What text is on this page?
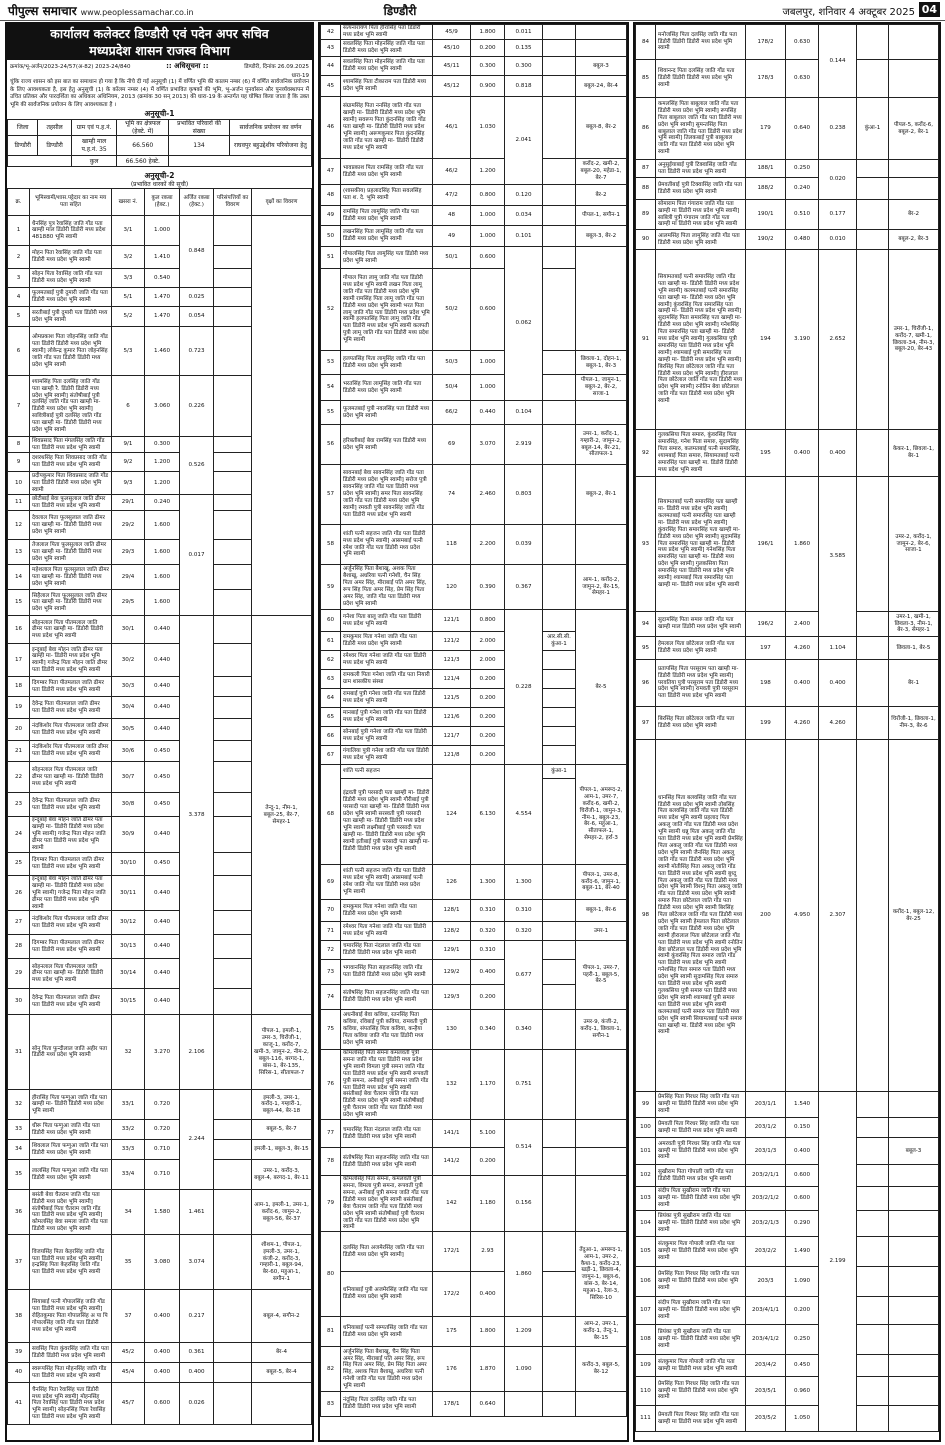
पीपुल्स समाचार www.peoplessamachar.co.in	डिण्डौरी	जबलपुर, शनिवार 4 अक्टूबर 2025 04
कार्यालय कलेक्टर डिण्डौरी एवं पदेन अपर सचिव
मध्यप्रदेश शासन राजस्व विभाग
क्रमांक/भू-अर्जन/2023-24/57(अ-82) 2023-24/840	:: अधिसूचना ::	डिण्डौरी, दिनांक 26.09.2025
धारा-19
चूंकि राज्य शासन को इस बात का समाधान हो गया है कि नीचे दी गई अनुसूची (1) में वर्णित भूमि की कालम नम्बर (6) में वर्णित सार्वजनिक प्रयोजन के लिए आवश्यकता है, इस हेतु अनुसूची (1) के कॉलम नम्बर (4) में वर्णित प्रभावित कृषकों की भूमि, भू-अर्जन पुनर्वासन और पुनर्व्यवस्थापन में उचित प्रतिकर और पारदर्शिता का अधिकार अधिनियम, 2013 (क्रमांक 30 सन् 2013) की धारा-19 के अन्तर्गत यह घोषित किया जाता है कि उक्त भूमि की सार्वजनिक प्रयोजन के लिए आवश्यकता है ।
अनुसूची-1
जिला	तहसील	ग्राम एवं प.ह.नं.	भूमि का क्षेत्रफल (हेक्टे. में)	प्रभावित परिवारों की संख्या	सार्वजनिक प्रयोजन का वर्णन
डिण्डौरी	डिण्डौरी	खाम्ही माल प.ह.नं. 35	66.560	134	राघवपुर बहुउद्देशीय परियोजना हेतु
		कुल	66.560 हेक्टे.		
अनुसूची-2
(प्रभावित धारकों की सूची)
क्र.	भूमिस्वामी/शास.पट्टेदार का नाम मय पता सहित	खसरा नं.	कुल रकबा (हेक्ट.)	अर्जित रकबा (हेक्ट.)	परिसंपत्तियों का विवरण	वृक्षों का विवरण
1	धैनसिंह पुत्र रेवासिंह जाति गोंड पता खाम्ही माल डिंडोरी डिंडोरी मध्य प्रदेश 481880 भूमि स्वामी	3/1	1.000	0.848		
2	मोहन पिता रेवासिंह जाति गोंड पता डिंडोरी मध्य प्रदेश भूमि स्वामी	3/2	1.410			
3	सोहन पिता रेवासिंह जाति गोंड पता डिंडोरी मध्य प्रदेश भूमि स्वामी	3/3	0.540			
4	फूलमतबाई पुत्री दुमारी जाति गोंड पता डिंडोरी मध्य प्रदेश भूमि स्वामी	5/1	1.470	0.025		
5	सरतीबाई पुत्री दुमारी पता डिंडोरी मध्य प्रदेश भूमि स्वामी	5/2	1.470	0.054		
6	ओमप्रकाश पिता जोहनसिंह जाति गोंड पता डिंडोरी डिंडोरी मध्य प्रदेश भूमि स्वामी] लोकेन्द्र कुमार पिता जोहनसिंह जाति गोंड पता डिंडोरी डिंडोरी मध्य प्रदेश भूमि स्वामी	5/3	1.460	0.723		
7	श्यामसिंह पिता दलसिंह जाति गोंड पता खाम्ही रै. डिंडोरी डिंडोरी मध्य प्रदेश भूमि स्वामी] संतोषीबाई पुत्री दलसिंह जाति गोंड पता खाम्ही मा- डिंडोरी मध्य प्रदेश भूमि स्वामी] सावित्रीबाई पुत्री दलसिंह जाति गोंड पता खाम्ही मा- डिंडोरी डिंडोरी मध्य प्रदेश भूमि स्वामी	6	3.060	0.226		
8	शिवप्रसाद पिता मंगलसिंह जाति गोंड पता डिंडोरी मध्य प्रदेश भूमि स्वामी	9/1	0.300	0.526		
9	दशरथसिंह पिता शिवप्रसाद जाति गोंड पता डिंडोरी मध्य प्रदेश भूमि स्वामी	9/2	1.200			
10	प्रदीपकुमार पिता शिवप्रसाद जाति गोंड पता डिंडोरी डिंडोरी मध्य प्रदेश भूमि स्वामी	9/3	1.200			
11	छोटीबाई बेवा फूलसुलाल जाति ढीमर पता डिंडोरी मध्य प्रदेश भूमि स्वामी	29/1	0.240	0.017		
12	देवलाल पिता फूलसुलाल जाति ढीमर पता खाम्ही मा- डिंडोरी डिंडोरी मध्य प्रदेश भूमि स्वामी	29/2	1.600			
13	तेजलाल पिता फूलसुलाल जाति ढीमर पता खाम्ही मा- डिंडोरी डिंडोरी मध्य प्रदेश भूमि स्वामी	29/3	1.600			
14	महेशलाल पिता फूलसुलाल जाति ढीमर पता खाम्ही मा- डिंडोरी डिंडोरी मध्य प्रदेश भूमि स्वामी	29/4	1.600			
15	सिहैलाल पिता फूलसुलाल जाति ढीमर पता खाम्ही मा- डिंडोरी डिंडोरी मध्य प्रदेश भूमि स्वामी	29/5	1.600			
16	सोहनलाल पिता पीतमलाल जाति ढीमर पता खाम्ही मा- डिंडोरी डिंडोरी मध्य प्रदेश भूमि स्वामी	30/1	0.440	3.378		तेन्दू-1, नीम-1, बबूल-25, बेर-7, सेमहर-1
17	इन्दूबाई बेवा मोहन जाति ढीमर पता खाम्ही मा- डिंडोरी मध्य प्रदेश भूमि स्वामी] गजेन्द्र पिता मोहन जाति ढीमर पता डिंडोरी मध्य प्रदेश भूमि स्वामी	30/2	0.440			
18	दिगम्बर पिता पीतमलाल जाति ढीमर पता डिंडोरी मध्य प्रदेश भूमि स्वामी	30/3	0.440			
19	देवेन्द्र पिता पीतमलाल जाति ढीमर पता डिंडोरी मध्य प्रदेश भूमि स्वामी	30/4	0.440			
20	नंदकिशोर पिता पीतमलाल जाति ढीमर पता डिंडोरी मध्य प्रदेश भूमि स्वामी	30/5	0.440			
21	नंदकिशोर पिता पीतमलाल जाति ढीमर पता डिंडोरी मध्य प्रदेश भूमि स्वामी	30/6	0.450			
22	सोहनलाल पिता पीतमलाल जाति ढीमर पता खाम्ही मा- डिंडोरी डिंडोरी मध्य प्रदेश भूमि स्वामी	30/7	0.450			
23	देवेन्द्र पिता पीतमलाल जाति ढीमर पता डिंडोरी मध्य प्रदेश भूमि स्वामी	30/8	0.450			
24	इन्दूबाई बेवा मोहन जाति ढीमर पता खाम्ही मा- डिंडोरी डिंडोरी मध्य प्रदेश भूमि स्वामी] गजेन्द्र पिता मोहन जाति ढीमर पता डिंडोरी मध्य प्रदेश भूमि स्वामी	30/9	0.440			
25	दिगम्बर पिता पीतमलाल जाति ढीमर पता डिंडोरी मध्य प्रदेश भूमि स्वामी	30/10	0.450			
26	इन्दूबाई बेवा मोहन जाति ढीमर पता खाम्ही मा- डिंडोरी डिंडोरी मध्य प्रदेश भूमि स्वामी] गजेन्द्र पिता मोहन जाति ढीमर पता डिंडोरी मध्य प्रदेश भूमि स्वामी	30/11	0.440			
27	नंदकिशोर पिता पीतमलाल जाति ढीमर पता डिंडोरी मध्य प्रदेश भूमि स्वामी	30/12	0.440			
28	दिगम्बर पिता पीतमलाल जाति ढीमर पता डिंडोरी मध्य प्रदेश भूमि स्वामी	30/13	0.440			
29	सोहनलाल पिता पीतमलाल जाति ढीमर पता खाम्ही मा- डिंडोरी डिंडोरी मध्य प्रदेश भूमि स्वामी	30/14	0.440			
30	देवेन्द्र पिता पीतमलाल जाति ढीमर पता डिंडोरी मध्य प्रदेश भूमि स्वामी	30/15	0.440			
31	सोनू पिता फुन्दीलाल जाति अहीर पता डिंडोरी मध्य प्रदेश भूमि स्वामी	32	3.270	2.106		पीपल-1, इमली-1, उमर-3, चिरोंजी-1, काजू-1, करोंद-7, खमी-3, जामुन-2, नीम-2, बबूल-116, बरगद-1, बांस-1, बेर-135, सिरिस-1, सीताफल-7
32	हीरासिंह पिता फग्गुआ जाति गोंड पता खाम्ही मा- डिंडोरी डिंडोरी मध्य प्रदेश भूमि स्वामी	33/1	0.720	2.244		इमली-3, उमर-1, करोंद-1, गम्हारी-1, बबूल-44, बेर-18
33	धीरू पिता फग्गुआ जाति गोंड पता डिंडोरी मध्य प्रदेश भूमि स्वामी	33/2	0.720			बबूल-5, बेर-7
34	शिवलाल पिता फग्गुआ जाति गोंड पता डिंडोरी मध्य प्रदेश भूमि स्वामी	33/3	0.710			इमली-1, बबूल-3, बेर-15
35	लालसिंह पिता फग्गुआ जाति गोंड पता डिंडोरी मध्य प्रदेश भूमि स्वामी	33/4	0.710			उमर-1, करोंद-3, बबूल-4, बरगद-1, बेर-11
36	बसंती बेवा चैतराम जाति गोंड पता डिंडोरी मध्य प्रदेश भूमि स्वामी] संतोषीबाई पिता चैतराम जाति गोंड पता डिंडोरी मध्य प्रदेश भूमि स्वामी] कोमलसिंह बेवा समला जाति गोंड पता डिंडोरी मध्य प्रदेश भूमि स्वामी	34	1.580	1.461		आम-1, इमली-1, उमर-1, करोंद-6, जामुन-2, बबूल-56, बेर-37
37	विजयसिंह पिता केहरसिंह जाति गोंड पता डिंडोरी मध्य प्रदेश भूमि स्वामी] इन्द्रसिंह पिता केहरसिंह जाति गोंड पता डिंडोरी मध्य प्रदेश भूमि स्वामी	35	3.080	3.074		शीशम-1, पीपल-1, इमली-3, उमर-1, कंजी-2, करोंद-3, गम्हारी-1, बबूल-94, बेर-60, महुआ-1, सगौन-1
38	सियाबाई पत्नी गोपालसिंह जाति गोंड पता डिंडोरी मध्य प्रदेश भूमि स्वामी] रोहितकुमार पिता गोपालसिंह अ पा पि गोपालसिंह जाति गोंड पता डिंडोरी मध्य प्रदेश भूमि स्वामी	37	0.400	0.217		बबूल-4, सगौन-2
39	सवसिंह पिता कुंवरसिंह जाति गोंड पता डिंडोरी डिंडोरी मध्य प्रदेश भूमि स्वामी	45/2	0.400	0.361		बेर-4
40	स्वरूपसिंह पिता मोहनसिंह जाति गोंड पता डिंडोरी मध्य प्रदेश भूमि स्वामी	45/4	0.400	0.400		बबूल-5, बेर-4
41	चैनसिंह पिता रेवासिंह पता डिंडोरी मध्य प्रदेश भूमि स्वामी] मोहनसिंह पिता रेवासिंह पता डिंडोरी मध्य प्रदेश भूमि स्वामी] सोहनसिंह पिता रेवासिंह पता डिंडोरी मध्य प्रदेश भूमि स्वामी	45/7	0.600	0.026		
42	सत्यनारायण पिता हीरासिंह पता डिंडोरी मध्य प्रदेश भूमि स्वामी	45/9	1.800	0.011		
43	सवलसिंह पिता मोहनसिंह जाति गोंड पता डिंडोरी मध्य प्रदेश भूमि स्वामी	45/10	0.200	0.135		
44	सवलसिंह पिता मोहनसिंह जाति गोंड पता डिंडोरी मध्य प्रदेश भूमि स्वामी	45/11	0.300	0.300		बबूल-3
45	श्यामसिंह पिता टीकाराम पता डिंडोरी मध्य प्रदेश भूमि स्वामी	45/12	0.900	0.818		बबूल-24, बेर-4
46	संग्रामसिंह पिता ननसिंह जाति गोंड पता खाम्ही मा- डिंडोरी डिंडोरी मध्य प्रदेश भूमि स्वामी] सवरूप पिता कुंदनसिंह जाति गोंड पता खाम्ही मा- डिंडोरी डिंडोरी मध्य प्रदेश भूमि स्वामी] अरूणकुमार पिता कुंदनसिंह जाति गोंड पता खाम्ही मा- डिंडोरी डिंडोरी मध्य प्रदेश भूमि स्वामी	46/1	1.030	2.041		बबूल-8, बेर-2
47	भावप्रकाश पिता रामसिंह जाति गोंड पता डिंडोरी मध्य प्रदेश भूमि स्वामी	46/2	1.200			करोंद-2, खमी-2, बबूल-20, महेडा-1, बेर-7
48	(शासकीय) प्रहलादसिंह पिता सवलसिंह पता श. दे. भूमि स्वामी	47/2	0.800	0.120		बेर-2
49	रामसिंह पिता लामूसिंह जाति गोंड पता डिंडोरी मध्य प्रदेश भूमि स्वामी	48	1.000	0.034		पीपल-1, सगौन-1
50	लखनसिंह पिता लामूसिंह जाति गोंड पता डिंडोरी मध्य प्रदेश भूमि स्वामी	49	1.000	0.101		बबूल-3, बेर-2
51	गोपालसिंह पिता लामूसिंह पता डिंडोरी मध्य प्रदेश भूमि स्वामी	50/1	0.600	0.062		
52	गोपाल पिता लामू जाति गोंड पता डिंडोरी मध्य प्रदेश भूमि स्वामी लखन पिता लामू जाति गोंड पता डिंडोरी मध्य प्रदेश भूमि स्वामी रामसिंह पिता लामू जाति गोंड पता डिंडोरी मध्य प्रदेश भूमि स्वामी भरत पिता लामू जाति गोंड पता डिंडोरी मध्य प्रदेश भूमि स्वामी हलपतसिंह पिता लामू जाति गोंड पता डिंडोरी मध्य प्रदेश भूमि स्वामी कलपती पुत्री लामू जाति गोंड पता डिंडोरी मध्य प्रदेश भूमि स्वामी	50/2	0.600			
53	हलपतसिंह पिता लामूसिंह जाति गोंड पता डिंडोरी मध्य प्रदेश भूमि स्वामी	50/3	1.000			छिवला-1, दोहन-1, बबूल-1, बेर-3
54	भरतसिंह पिता लामूसिंह जाति गोंड पता डिंडोरी मध्य प्रदेश भूमि स्वामी	50/4	1.000			पीपल-1, जामुन-1, बबूल-2, बेर-2, साजा-1
55	फूलमतबाई पुत्री नवलसिंह पता डिंडोरी मध्य प्रदेश भूमि स्वामी	66/2	0.440	0.104		
56	हरिबतीबाई बेवा रामसिंह पता डिंडोरी मध्य प्रदेश भूमि स्वामी	69	3.070	2.919		उमर-1, करोंद-1, गम्हारी-2, जामुन-2, बबूल-14, बेर-21, सीताफल-1
57	सावनबाई बेवा सावनसिंह जाति गोंड पता डिंडोरी मध्य प्रदेश भूमि स्वामी] सरोज पुत्री सावनसिंह जाति गोंड पता डिंडोरी मध्य प्रदेश भूमि स्वामी] समर पिता सावनसिंह जाति गोंड पता डिंडोरी मध्य प्रदेश भूमि स्वामी] रमवती पुत्री सावनसिंह जाति गोंड पता डिंडोरी मध्य प्रदेश भूमि स्वामी	74	2.460	0.803		बबूल-2, बेर-1
58	शांती पत्नी सहजन जाति गोंड पता डिंडोरी मध्य प्रदेश भूमि स्वामी] आसमबाई पत्नी रमेश जाति गोंड पता डिंडोरी मध्य प्रदेश भूमि स्वामी	118	2.200	0.039		
59	अर्जुनसिंह पिता बैशाखू, अशक पिता बैशाखू, अधरिया पत्नी गनेशी, चैन सिंह पिता अमर सिंह, मीराबाई पति अमर सिंह, रूप सिंह पिता अमर सिंह, प्रेम सिंह पिता अमर सिंह, जाति गोंड पता डिंडोरी मध्य प्रदेश भूमि स्वामी	120	0.390	0.367		आम-1, करोंद-2, जामुन-2, बेर-15, सेमहर-1
60	गनेशा पिता बालू जाति गोंड पता डिंडोरी मध्य प्रदेश भूमि स्वामी	121/1	0.800	0.228		बेर-5
61	रामकुमार पिता गनेशा जाति गोंड पता डिंडोरी मध्य प्रदेश भूमि स्वामी	121/2	2.000		आर.सी.सी. कुंआ-1	
62	रमेश्वर पिता गनेशा जाति गोंड पता डिंडोरी मध्य प्रदेश भूमि स्वामी	121/3	2.000			
63	रामकली पिता गनेशा जाति गोंड पता नियारी ग्राम शासकीय संस्था	121/4	0.200			
64	रामबाई पुत्री गनेशा जाति गोंड पता डिंडोरी मध्य प्रदेश भूमि स्वामी	121/5	0.200			
65	मानबाई पुत्री गनेशा जाति गोंड पता डिंडोरी मध्य प्रदेश भूमि स्वामी	121/6	0.200			
66	सोनबाई पुत्री गनेशा जाति गोंड पता डिंडोरी मध्य प्रदेश भूमि स्वामी	121/7	0.200			
67	गंगालिया पुत्री गनेशा जाति गोंड पता डिंडोरी मध्य प्रदेश भूमि स्वामी	121/8	0.200			
68	शांति पत्नी सहजन	124	6.130	4.554	कुंआ-1	पीपल-1, अमरूद-2, आम-1, उमर-7, करोंद-6, खमी-2, चिरोंजी-1, जामुन-3, नीम-1, बबूल-23, बेर-6, महुआ-1, सीताफल-1, सेमहर-2, हर्रा-3
	इंद्रवती पुत्री परसादी पता खाम्ही मा- डिंडोरी डिंडोरी मध्य प्रदेश भूमि स्वामी गौरीबाई पुत्री परसादी पता खाम्ही मा- डिंडोरी डिंडोरी मध्य प्रदेश भूमि स्वामी सरस्वती पुत्री परसादी पता खाम्ही मा- डिंडोरी डिंडोरी मध्य प्रदेश भूमि स्वामी लक्ष्मीबाई पुत्री परसादी पता खाम्ही मा- डिंडोरी डिंडोरी मध्य प्रदेश भूमि स्वामी इतीबाई पुत्री परसादी पता खाम्ही मा- डिंडोरी डिंडोरी मध्य प्रदेश भूमि स्वामी					
69	शांती पत्नी सहजन जाति गोंड पता डिंडोरी मध्य प्रदेश भूमि स्वामी] आसमबाई पत्नी रमेश जाति गोंड पता डिंडोरी मध्य प्रदेश भूमि स्वामी	126	1.300	1.300		पीपल-1, उमर-8, करोंद-6, जामुन-1, बबूल-11, बेर-40
70	रामकुमार पिता गनेशा जाति गोंड पता डिंडोरी मध्य प्रदेश भूमि स्वामी	128/1	0.310	0.310		बबूल-1, बेर-6
71	रमेश्वर पिता गनेशा जाति गोंड पता डिंडोरी मध्य प्रदेश भूमि स्वामी	128/2	0.320	0.320		उमर-1
72	चमारसिंह पिता नंदलाल जाति गोंड पता डिंडोरी डिंडोरी मध्य प्रदेश भूमि स्वामी	129/1	0.310	0.677		पीपल-1, उमर-7, पहरी-1, बबूल-5, बेर-5
73	भगवानसिंह पिता सहजनसिंह जाति गोंड पता डिंडोरी डिंडोरी मध्य प्रदेश भूमि स्वामी	129/2	0.400			
74	संतोषसिंह पिता सहजनसिंह जाति गोंड पता डिंडोरी डिंडोरी मध्य प्रदेश भूमि स्वामी	129/3	0.200			
75	अधनीबाई बेवा कविया, रतनसिंह पिता कविया, रविबाई पुत्री कविया, रामवती पुत्री कविया, संपतसिंह पिता कविया, कन्हैया पिता कविया जाति गोंड पता डिंडोरी मध्य प्रदेश भूमि स्वामी	130	0.340	0.340		उमर-9, कंजी-2, करोंद-1, छिवला-1, सगौन-1
76	कोमलसिंह पिता समना कमलवती पुत्री समना जाति गोंड पता डिंडोरी मध्य प्रदेश भूमि स्वामी विमला पुत्री समना जाति गोंड पता डिंडोरी मध्य प्रदेश भूमि स्वामी रूपवती पुत्री समना, अनीबाई पुत्री समना जाति गोंड पता डिंडोरी मध्य प्रदेश भूमि स्वामी बसंतीबाई बेवा चैतराम जाति गोंड पता डिंडोरी मध्य प्रदेश भूमि स्वामी संतोषीबाई पुत्री चैतराम जाति गोंड पता डिंडोरी मध्य प्रदेश भूमि स्वामी	132	1.170	0.751		
77	चमारसिंह पिता नंदलाल जाति गोंड पता डिंडोरी डिंडोरी मध्य प्रदेश भूमि स्वामी	141/1	5.100	0.514		
78	संतोषसिंह पिता सहजनसिंह जाति गोंड पता डिंडोरी डिंडोरी मध्य प्रदेश भूमि स्वामी	141/2	0.200			
79	कोमलसिंह पिता समना, कमलवती पुत्री समना, विमला पुत्री समना, रूपवती पुत्री समना, अनीबाई पुत्री समना जाति गोंड पता डिंडोरी मध्य प्रदेश भूमि स्वामी बसंतीबाई बेवा चैतराम जाति गोंड पता डिंडोरी मध्य प्रदेश भूमि स्वामी संतोषीबाई पुत्री चैतराम जाति गोंड पता डिंडोरी मध्य प्रदेश भूमि स्वामी	142	1.180	0.156		
80	दलसिंह पिता अजमेरसिंह जाति गोंड पता डिंडोरी मध्य प्रदेश भूमि स्वामी]	172/1	2.93	1.860		तेंदुआ-1, अमरूद-1, आम-1, उमर-2, कैथा-1, करोंद-23, खड़ी-1, छिवला-4, जामुन-1, बबूल-6, बांस-3, बेर-14, महुआ-1, रेला-3, सिरिस-10
	धनियाबाई पुत्री अजमेरसिंह जाति गोंड पता डिंडोरी मध्य प्रदेश भूमि स्वामी	172/2	0.400			
81	धनियाबाई पत्नी सम्पतसिंह जाति गोंड पता डिंडोरी मध्य प्रदेश भूमि स्वामी	175	1.800	1.209		आम-2, उमर-1, करोंद-1, तेन्दू-1, बेर-15
82	अर्जुनसिंह पिता बैशाखू, चैन सिंह पिता अमर सिंह, मीराबाई पति अमर सिंह, रूप सिंह पिता अमर सिंह, प्रेम सिंह पिता अमर सिंह, अशक पिता बैशाखू, अधरिया पत्नी गनेशी जाति गोंड पता डिंडोरी मध्य प्रदेश भूमि स्वामी	176	1.870	1.090		करोंद-3, बबूल-5, बेर-12
83	नंदूसिंह पिता दलसिंह जाति गोंड पता डिंडोरी डिंडोरी मध्य प्रदेश भूमि स्वामी	178/1	0.640			
84	मनोजसिंह पिता दलसिंह जाति गोंड पता डिंडोरी डिंडोरी डिंडोरी मध्य प्रदेश भूमि स्वामी	178/2	0.630	0.144		
85	शिवानन्द पिता दलसिंह जाति गोंड पता डिंडोरी डिंडोरी डिंडोरी मध्य प्रदेश भूमि स्वामी	178/3	0.630			
86	कमलसिंह पिता बाबूलाल जाति गोंड पता डिंडोरी मध्य प्रदेश भूमि स्वामी] रूपसिंह पिता बाबूलाल जाति गोंड पता डिंडोरी मध्य प्रदेश भूमि स्वामी] सुमन्तसिंह पिता बाबूलाल जाति गोंड पता डिंडोरी मध्य प्रदेश भूमि स्वामी] तिलकबाई पुत्री बाबूलाल जाति गोंड पता डिंडोरी मध्य प्रदेश भूमि स्वामी	179	0.640	0.238	कुंआ-1	पीपल-5, करोंद-6, बबूल-2, बेर-1
87	अनुसुईयाबाई पुत्री टिक्वासिंह जाति गोंड पता डिंडोरी मध्य प्रदेश भूमि स्वामी	188/1	0.250	0.020		
88	प्रेमवतीबाई पुत्री टिक्वासिंह जाति गोंड पता डिंडोरी मध्य प्रदेश भूमि स्वामी	188/2	0.240			
89	सोमाराम पिता गंगाराम जाति गोंड पता खाम्ही मा डिंडोरी मध्य प्रदेश भूमि स्वामी] साबित्री पुत्री गंगाराम जाति गोंड पता खाम्ही मा डिंडोरी मध्य प्रदेश भूमि स्वामी	190/1	0.510	0.177		बेर-2
90	आलमसिंह पिता लामूसिंह जाति गोंड पता डिंडोरी मध्य प्रदेश भूमि स्वामी	190/2	0.480	0.010		बबूल-2, बेर-3
91	सियामतबाई पत्नी समारसिंह जाति गोंड पता खाम्ही मा- डिंडोरी डिंडोरी मध्य प्रदेश भूमि स्वामी] कलमतबाई पत्नी समारसिंह पता खाम्ही मा- डिंडोरी मध्य प्रदेश भूमि स्वामी] कुंवरसिंह पिता समारसिंह पता खाम्ही मा- डिंडोरी मध्य प्रदेश भूमि स्वामी] सुदामसिंह पिता समारसिंह पता खाम्ही मा- डिंडोरी मध्य प्रदेश भूमि स्वामी] गनेशसिंह पिता समारसिंह पता खाम्ही मा- डिंडोरी मध्य प्रदेश भूमि स्वामी] गुलकसिया पुत्री समारसिंह पता डिंडोरी मध्य प्रदेश भूमि स्वामी] श्यामबाई पुत्री समारसिंह पता खाम्ही मा- डिंडोरी मध्य प्रदेश भूमि स्वामी] बिरसिंह पिता छोटेलाल जाति गोंड पता डिंडोरी मध्य प्रदेश भूमि स्वामी] हीरालाल पिता छोटेलाल जाति गोंड पता डिंडोरी मध्य प्रदेश भूमि स्वामी] रनोतिन बेवा छोटेलाल जाति गोंड पता डिंडोरी मध्य प्रदेश भूमि स्वामी	194	3.190	2.652		उमर-1, चिरोंजी-1, करोंद-7, खमी-1, छिवला-34, नीम-3, बबूल-20, बेर-43
92	गुलकसिया पिता समारु, कुंवरसिंह पिता समारसिंह, गनेश पिता समारु, सुदामसिंह पिता समारु, कलमतबाई पत्नी समारसिंह, श्यामबाई पिता समारु, सियामतबाई पत्नी समारसिंह पता खाम्ही मा. डिंडोरी डिंडोरी मध्य प्रदेश भूमि स्वामी	195	0.400	0.400		केकर-1, छिवला-1, बेर-1
93	सियामतबाई पत्नी समारसिंह पता खाम्ही मा- डिंडोरी मध्य प्रदेश भूमि स्वामी] कलमतबाई पत्नी समारसिंह पता खाम्ही मा- डिंडोरी मध्य प्रदेश भूमि स्वामी] कुंवरसिंह पिता समारसिंह पता खाम्ही मा- डिंडोरी मध्य प्रदेश भूमि स्वामी] सुदामसिंह पिता समारसिंह पता खाम्ही मा- डिंडोरी मध्य प्रदेश भूमि स्वामी] गनेशसिंह पिता समारसिंह पता खाम्ही मा- डिंडोरी मध्य प्रदेश भूमि स्वामी] गुलकसिया पिता समारसिंह पता डिंडोरी मध्य प्रदेश भूमि स्वामी] श्यामबाई पिता समारसिंह पता खाम्ही मा- डिंडोरी मध्य प्रदेश भूमि स्वामी	196/1	1.860	3.585		उमर-2, करोंद-1, जामुन-2, बेर-6, साजा-1
94	सुदामसिंह पिता समारु जाति गोंड पता खाम्ही माल डिंडोरी मध्य प्रदेश भूमि स्वामी	196/2	2.400			उमर-1, खमी-1, छिवला-3, नीम-1, बेर-3, सेमहर-1
95	हेमलाल पिता छोटेलाल जाति गोंड पता डिंडोरी मध्य प्रदेश भूमि स्वामी	197	4.260	1.104		छिवला-1, बेर-5
96	प्रतापसिंह पिता परसूराम पता खाम्ही मा- डिंडोरी डिंडोरी मध्य प्रदेश भूमि स्वामी] परवतिया पुत्री परसूराम पता डिंडोरी मध्य प्रदेश भूमि स्वामी] रामवती पुत्री परसूराम पता डिंडोरी मध्य प्रदेश भूमि स्वामी	198	0.400	0.400		बेर-1
97	बिरसिंह पिता छोटेलाल जाति गोंड पता डिंडोरी मध्य प्रदेश भूमि स्वामी	199	4.260	4.260		चिरोंजी-1, छिवला-1, नीम-3, बेर-6
98	धानसिंह पिता बलवसिंह जाति गोंड पता डिंडोरी मध्य प्रदेश भूमि स्वामी तोबसिंह पिता बलवसिंह जाति गोंड पता डिंडोरी मध्य प्रदेश भूमि स्वामी प्रहलाद पिता अकलू जाति गोंड पता डिंडोरी मध्य प्रदेश भूमि स्वामी धन्नू पिता अकलू जाति गोंड पता डिंडोरी मध्य प्रदेश भूमि स्वामी प्रेमसिंह पिता अकलू जाति गोंड पता डिंडोरी मध्य प्रदेश भूमि स्वामी जैनसिंह पिता अकलू जाति गोंड पता डिंडोरी मध्य प्रदेश भूमि स्वामी मोतीसिंह पिता अकलू जाति गोंड पता डिंडोरी मध्य प्रदेश भूमि स्वामी बुध्दू पिता अकलू जाति गोंड पता डिंडोरी मध्य प्रदेश भूमि स्वामी विशनू पिता अकलू जाति गोंड पता डिंडोरी मध्य प्रदेश भूमि स्वामी समारु पिता छोटेलाल जाति गोंड पता डिंडोरी मध्य प्रदेश भूमि स्वामी बिरसिंह पिता छोटेलाल जाति गोंड पता डिंडोरी मध्य प्रदेश भूमि स्वामी हेमलाल पिता छोटेलाल जाति गोंड पता डिंडोरी मध्य प्रदेश भूमि स्वामी हीरालाल पिता छोटेलाल जाति गोंड पता डिंडोरी मध्य प्रदेश भूमि स्वामी रनोतिन बेवा छोटेलाल पता डिंडोरी मध्य प्रदेश भूमि स्वामी कुंवरसिंह पिता समारु जाति गोंड पता डिंडोरी मध्य प्रदेश भूमि स्वामी गनेशसिंह पिता समारु पता डिंडोरी मध्य प्रदेश भूमि स्वामी सुदामसिंह पिता समारु पता डिंडोरी मध्य प्रदेश भूमि स्वामी गुलकसिया पुत्री समारु पता डिंडोरी मध्य प्रदेश भूमि स्वामी श्यामबाई पुत्री समारु पता डिंडोरी मध्य प्रदेश भूमि स्वामी कलमतबाई पत्नी समारु पता डिंडोरी मध्य प्रदेश भूमि स्वामी सियामतबाई पत्नी समारु पता खाम्ही मा. डिंडोरी मध्य प्रदेश भूमि स्वामी	200	4.950	2.307		करोंद-1, बबूल-12, बेर-25
99	प्रेमसिंह पिता गिरधर सिंह जाति गोंड पता खाम्ही मा डिंडोरी डिंडोरी मध्य प्रदेश भूमि स्वामी	203/1/1	1.540	2.199		
100	प्रेमवती पिता गिरधर सिंह जाति गोंड पता खाम्ही मा डिंडोरी मध्य प्रदेश भूमि स्वामी	203/1/2	0.150			
101	अमरवती पुत्री गिरधर सिंह जाति गोंड पता खाम्ही मा डिंडोरी डिंडोरी मध्य प्रदेश भूमि स्वामी	203/1/3	0.400			बबूल-3
102	सुखीराम पिता गोपाली जाति गोंड पता डिंडोरी डिंडोरी मध्य प्रदेश भूमि स्वामी	203/2/1/1	0.600			
103	संदीप पिता सुखीराम जाति गोंड पता खाम्ही मा- डिंडोरी डिंडोरी मध्य प्रदेश भूमि स्वामी	203/2/1/2	0.600			
104	प्रियंका पुत्री सुखीराम जाति गोंड पता खाम्ही मा- डिंडोरी डिंडोरी मध्य प्रदेश भूमि स्वामी	203/2/1/3	0.290			
105	संतकुमार पिता गोपाली जाति गोंड पता खाम्ही मा डिंडोरी डिंडोरी मध्य प्रदेश भूमि स्वामी	203/2/2	1.490			
106	प्रेमसिंह पिता गिरधर सिंह जाति गोंड पता खाम्ही मा डिंडोरी डिंडोरी मध्य प्रदेश भूमि स्वामी	203/3	1.090			
107	संदीप पिता सुखीराम जाति गोंड पता खाम्ही मा- डिंडोरी डिंडोरी मध्य प्रदेश भूमि स्वामी	203/4/1/1	0.200			
108	प्रियंका पुत्री सुखीराम जाति गोंड पता खाम्ही मा- डिंडोरी डिंडोरी मध्य प्रदेश भूमि स्वामी	203/4/1/2	0.250			
109	संतकुमार पिता गोपाली जाति गोंड पता खाम्ही मा डिंडोरी मध्य प्रदेश भूमि स्वामी	203/4/2	0.450			
110	प्रेमसिंह पिता गिरधर सिंह जाति गोंड पता खाम्ही मा डिंडोरी डिंडोरी मध्य प्रदेश भूमि स्वामी	203/5/1	0.960			
111	प्रेमवती पिता गिरधर सिंह जाति गोंड पता खाम्ही मा डिंडोरी मध्य प्रदेश भूमि स्वामी	203/5/2	1.050			
